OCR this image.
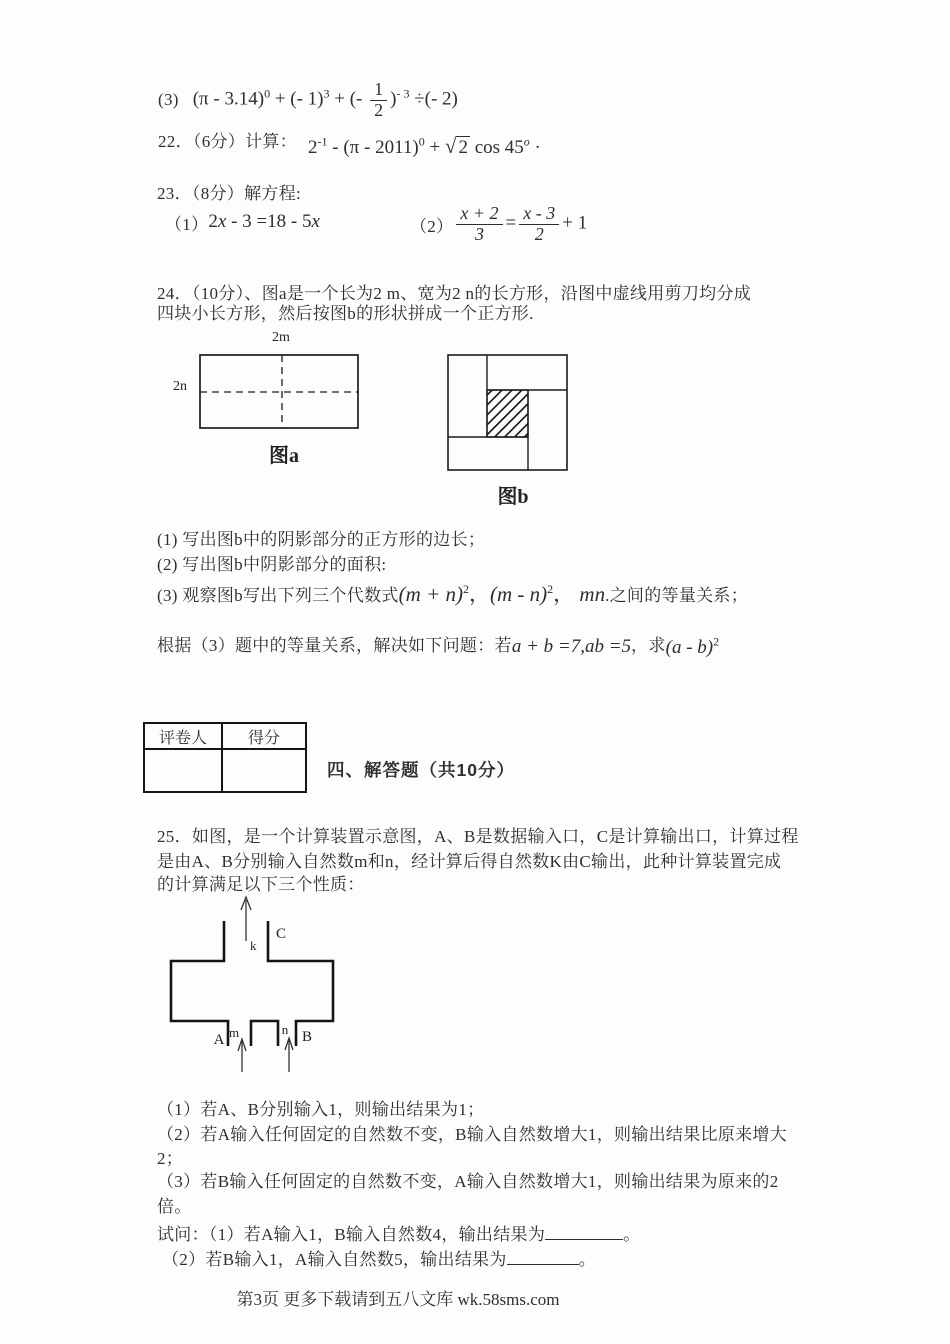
(3) (π - 3.14)$^0$ + (- 1)$^3$ + (- $\frac{1}{2} )^{- 3}$ ÷(- 2)
22．（6分）计算： $2^{-1} - (\pi - 2011)^0$ + √ 2 $\cos 45^o$ ·
23．（8分）解方程:
（1） 2x - 3 =18 - 5x	$(2) \frac{x + 2}{3} = \frac{x - 3}{2} + 1$
24．（10分）、图a是一个长为2 m、宽为2 n的长方形，沿图中虚线用剪刀均分成
四块小长方形，然后按图b的形状拼成一个正方形.
2m
2n
图a
图b
(1) 写出图b中的阴影部分的正方形的边长；
(2) 写出图b中阴影部分的面积:
(3) 观察图b写出下列三个代数式 $(m + n)^2$，(m - n)$^2$， mn .之间的等量关系；
根据（3）题中的等量关系，解决如下问题：若 a + b =7,ab =5 ，求 (a - b)$^2$
评卷人	得分
四、解答题（共10分）
25．如图，是一个计算装置示意图，A、B是数据输入口，C是计算输出口，计算过程
是由A、B分别输入自然数m和n，经计算后得自然数K由C输出，此种计算装置完成
的计算满足以下三个性质：
k
C
m	n
A	B
（1）若A、B分别输入1，则输出结果为1；
（2）若A输入任何固定的自然数不变，B输入自然数增大1，则输出结果比原来增大
2；
（3）若B输入任何固定的自然数不变，A输入自然数增大1，则输出结果为原来的2
倍。
试问：（1）若A输入1，B输入自然数4，输出结果为	。
（2）若B输入1，A输入自然数5，输出结果为	。
第3页 更多下载请到五八文库 wk.58sms.com
